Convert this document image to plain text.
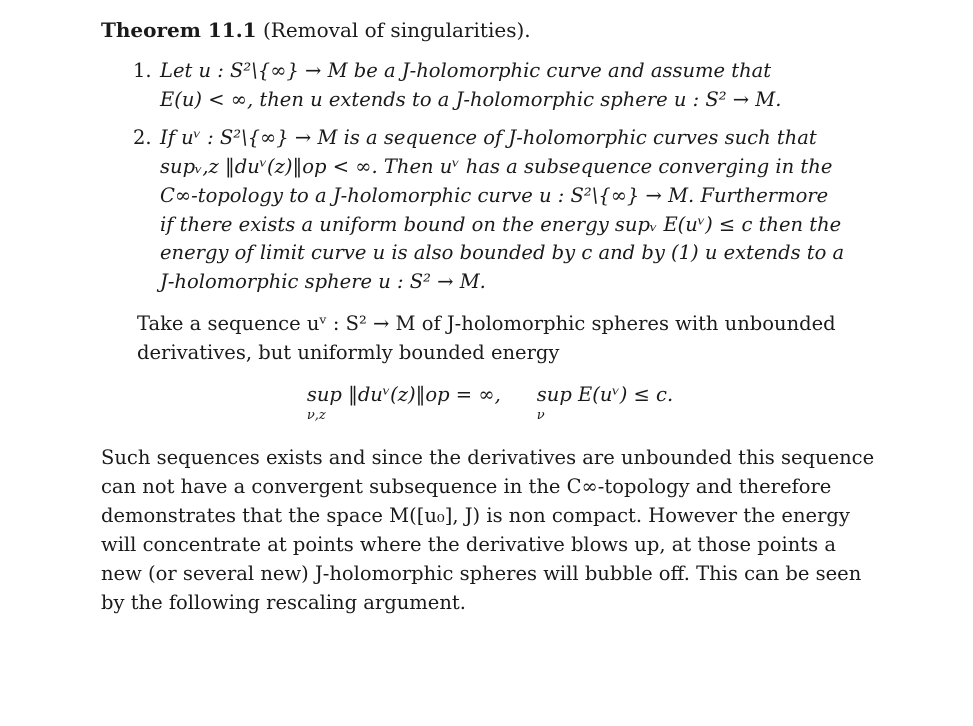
Theorem 11.1 (Removal of singularities).
1. Let u : S²\{∞} → M be a J-holomorphic curve and assume that
E(u) < ∞, then u extends to a J-holomorphic sphere u : S² → M.
2. If uᵛ : S²\{∞} → M is a sequence of J-holomorphic curves such that
supᵥ,z ‖duᵛ(z)‖op < ∞. Then uᵛ has a subsequence converging in the
C∞-topology to a J-holomorphic curve u : S²\{∞} → M. Furthermore
if there exists a uniform bound on the energy supᵥ E(uᵛ) ≤ c then the
energy of limit curve u is also bounded by c and by (1) u extends to a
J-holomorphic sphere u : S² → M.
Take a sequence uᵛ : S² → M of J-holomorphic spheres with unbounded
derivatives, but uniformly bounded energy
sup ‖duᵛ(z)‖op = ∞,
ν,z
sup E(uᵛ) ≤ c.
ν
Such sequences exists and since the derivatives are unbounded this sequence
can not have a convergent subsequence in the C∞-topology and therefore
demonstrates that the space M([u₀], J) is non compact. However the energy
will concentrate at points where the derivative blows up, at those points a
new (or several new) J-holomorphic spheres will bubble off. This can be seen
by the following rescaling argument.
